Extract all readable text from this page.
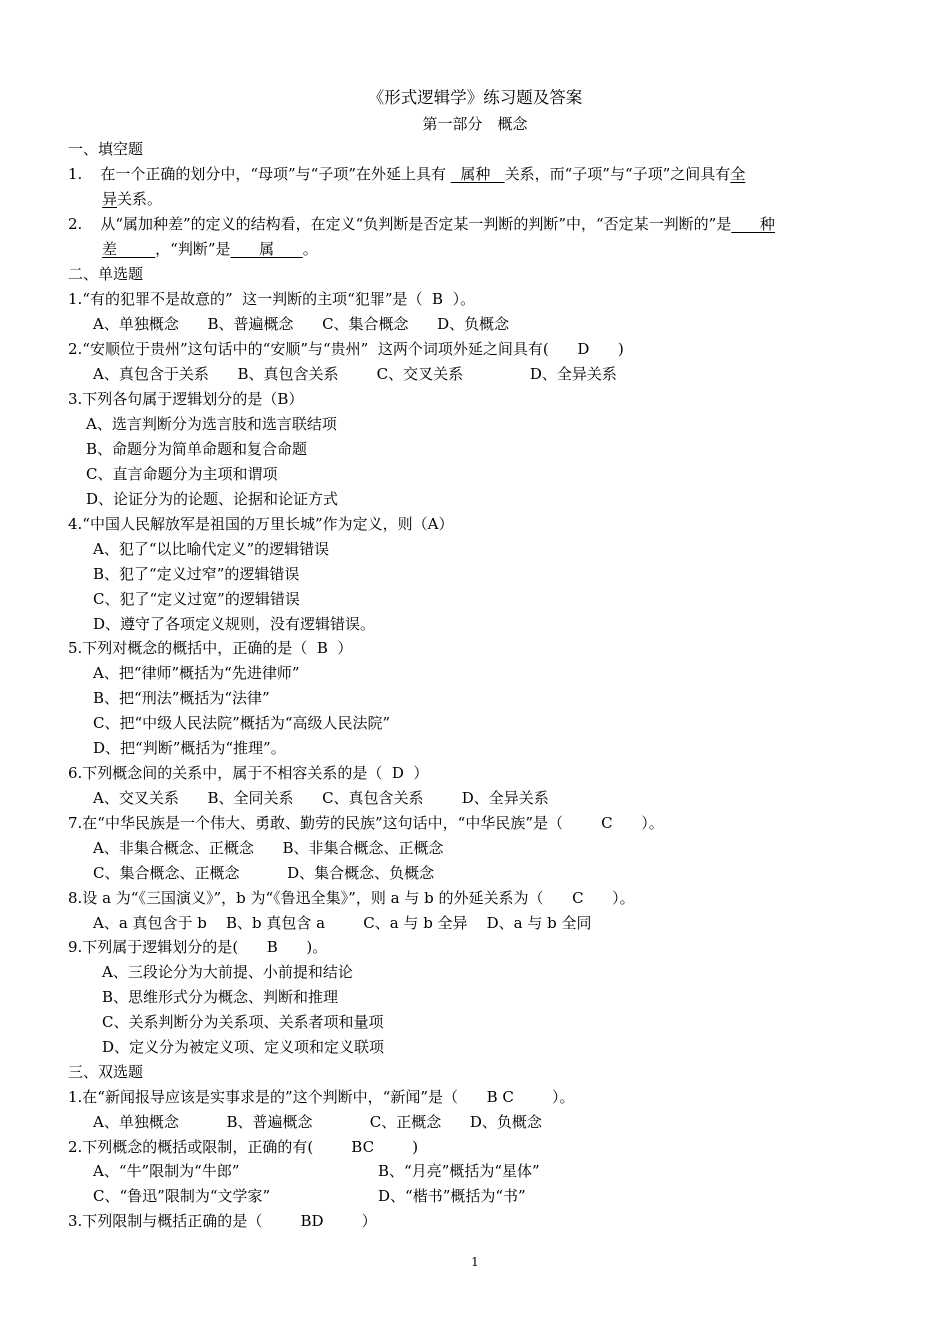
《形式逻辑学》练习题及答案
第一部分　概念
一、填空题
1. 在一个正确的划分中，“母项”与“子项”在外延上具有   属种   关系，而“子项”与“子项”之间具有全
异关系。
2. 从“属加种差”的定义的结构看，在定义“负判断是否定某一判断的判断”中，“否定某一判断的”是      种
差        ，“判断”是      属      。
二、单选题
1.“有的犯罪不是故意的”  这一判断的主项“犯罪”是（  B  ）。
A、单独概念      B、普遍概念      C、集合概念      D、负概念
2.“安顺位于贵州”这句话中的“安顺”与“贵州”  这两个词项外延之间具有(      D      )
A、真包含于关系      B、真包含关系        C、交叉关系              D、全异关系
3.下列各句属于逻辑划分的是（B）
A、选言判断分为选言肢和选言联结项
B、命题分为简单命题和复合命题
C、直言命题分为主项和谓项
D、论证分为的论题、论据和论证方式
4.“中国人民解放军是祖国的万里长城”作为定义，则（A）
A、犯了“以比喻代定义”的逻辑错误
B、犯了“定义过窄”的逻辑错误
C、犯了“定义过宽”的逻辑错误
D、遵守了各项定义规则，没有逻辑错误。
5.下列对概念的概括中，正确的是（  B  ）
A、把“律师”概括为“先进律师”
B、把“刑法”概括为“法律”
C、把“中级人民法院”概括为“高级人民法院”
D、把“判断”概括为“推理”。
6.下列概念间的关系中，属于不相容关系的是（  D  ）
A、交叉关系      B、全同关系      C、真包含关系        D、全异关系
7.在“中华民族是一个伟大、勇敢、勤劳的民族”这句话中，“中华民族”是（        C      ）。
A、非集合概念、正概念      B、非集合概念、正概念
C、集合概念、正概念          D、集合概念、负概念
8.设 a 为“《三国演义》”，b 为“《鲁迅全集》”，则 a 与 b 的外延关系为（      C      ）。
A、a 真包含于 b    B、b 真包含 a        C、a 与 b 全异    D、a 与 b 全同
9.下列属于逻辑划分的是(      B      )。
A、三段论分为大前提、小前提和结论
B、思维形式分为概念、判断和推理
C、关系判断分为关系项、关系者项和量项
D、定义分为被定义项、定义项和定义联项
三、双选题
1.在“新闻报导应该是实事求是的”这个判断中，“新闻”是（      B C        ）。
A、单独概念          B、普遍概念            C、正概念      D、负概念
2.下列概念的概括或限制，正确的有(        BC        )
A、“牛”限制为“牛郎”	B、“月亮”概括为“星体”
C、“鲁迅”限制为“文学家”	D、“楷书”概括为“书”
3.下列限制与概括正确的是（        BD        ）
1
